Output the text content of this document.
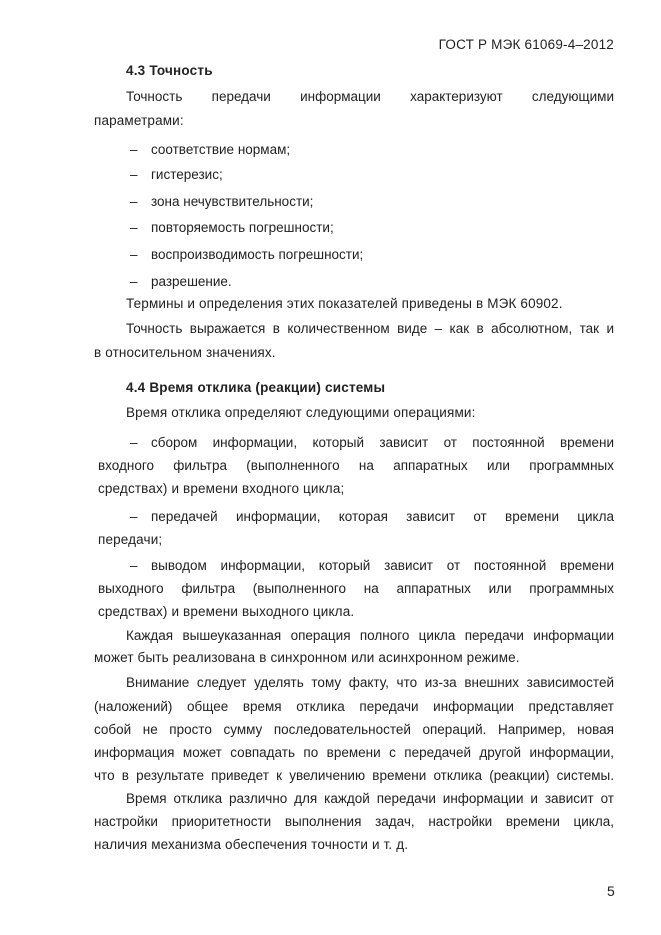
ГОСТ Р МЭК 61069-4–2012
4.3 Точность
Точность передачи информации характеризуют следующими
параметрами:
– соответствие нормам;
– гистерезис;
– зона нечувствительности;
– повторяемость погрешности;
– воспроизводимость погрешности;
– разрешение.
Термины и определения этих показателей приведены в МЭК 60902.
Точность выражается в количественном виде – как в абсолютном, так и
в относительном значениях.
4.4 Время отклика (реакции) системы
Время отклика определяют следующими операциями:
– сбором информации, который зависит от постоянной времени
входного фильтра (выполненного на аппаратных или программных
средствах) и времени входного цикла;
– передачей информации, которая зависит от времени цикла
передачи;
– выводом информации, который зависит от постоянной времени
выходного фильтра (выполненного на аппаратных или программных
средствах) и времени выходного цикла.
Каждая вышеуказанная операция полного цикла передачи информации
может быть реализована в синхронном или асинхронном режиме.
Внимание следует уделять тому факту, что из-за внешних зависимостей
(наложений) общее время отклика передачи информации представляет
собой не просто сумму последовательностей операций. Например, новая
информация может совпадать по времени с передачей другой информации,
что в результате приведет к увеличению времени отклика (реакции) системы.
Время отклика различно для каждой передачи информации и зависит от
настройки приоритетности выполнения задач, настройки времени цикла,
наличия механизма обеспечения точности и т. д.
5
